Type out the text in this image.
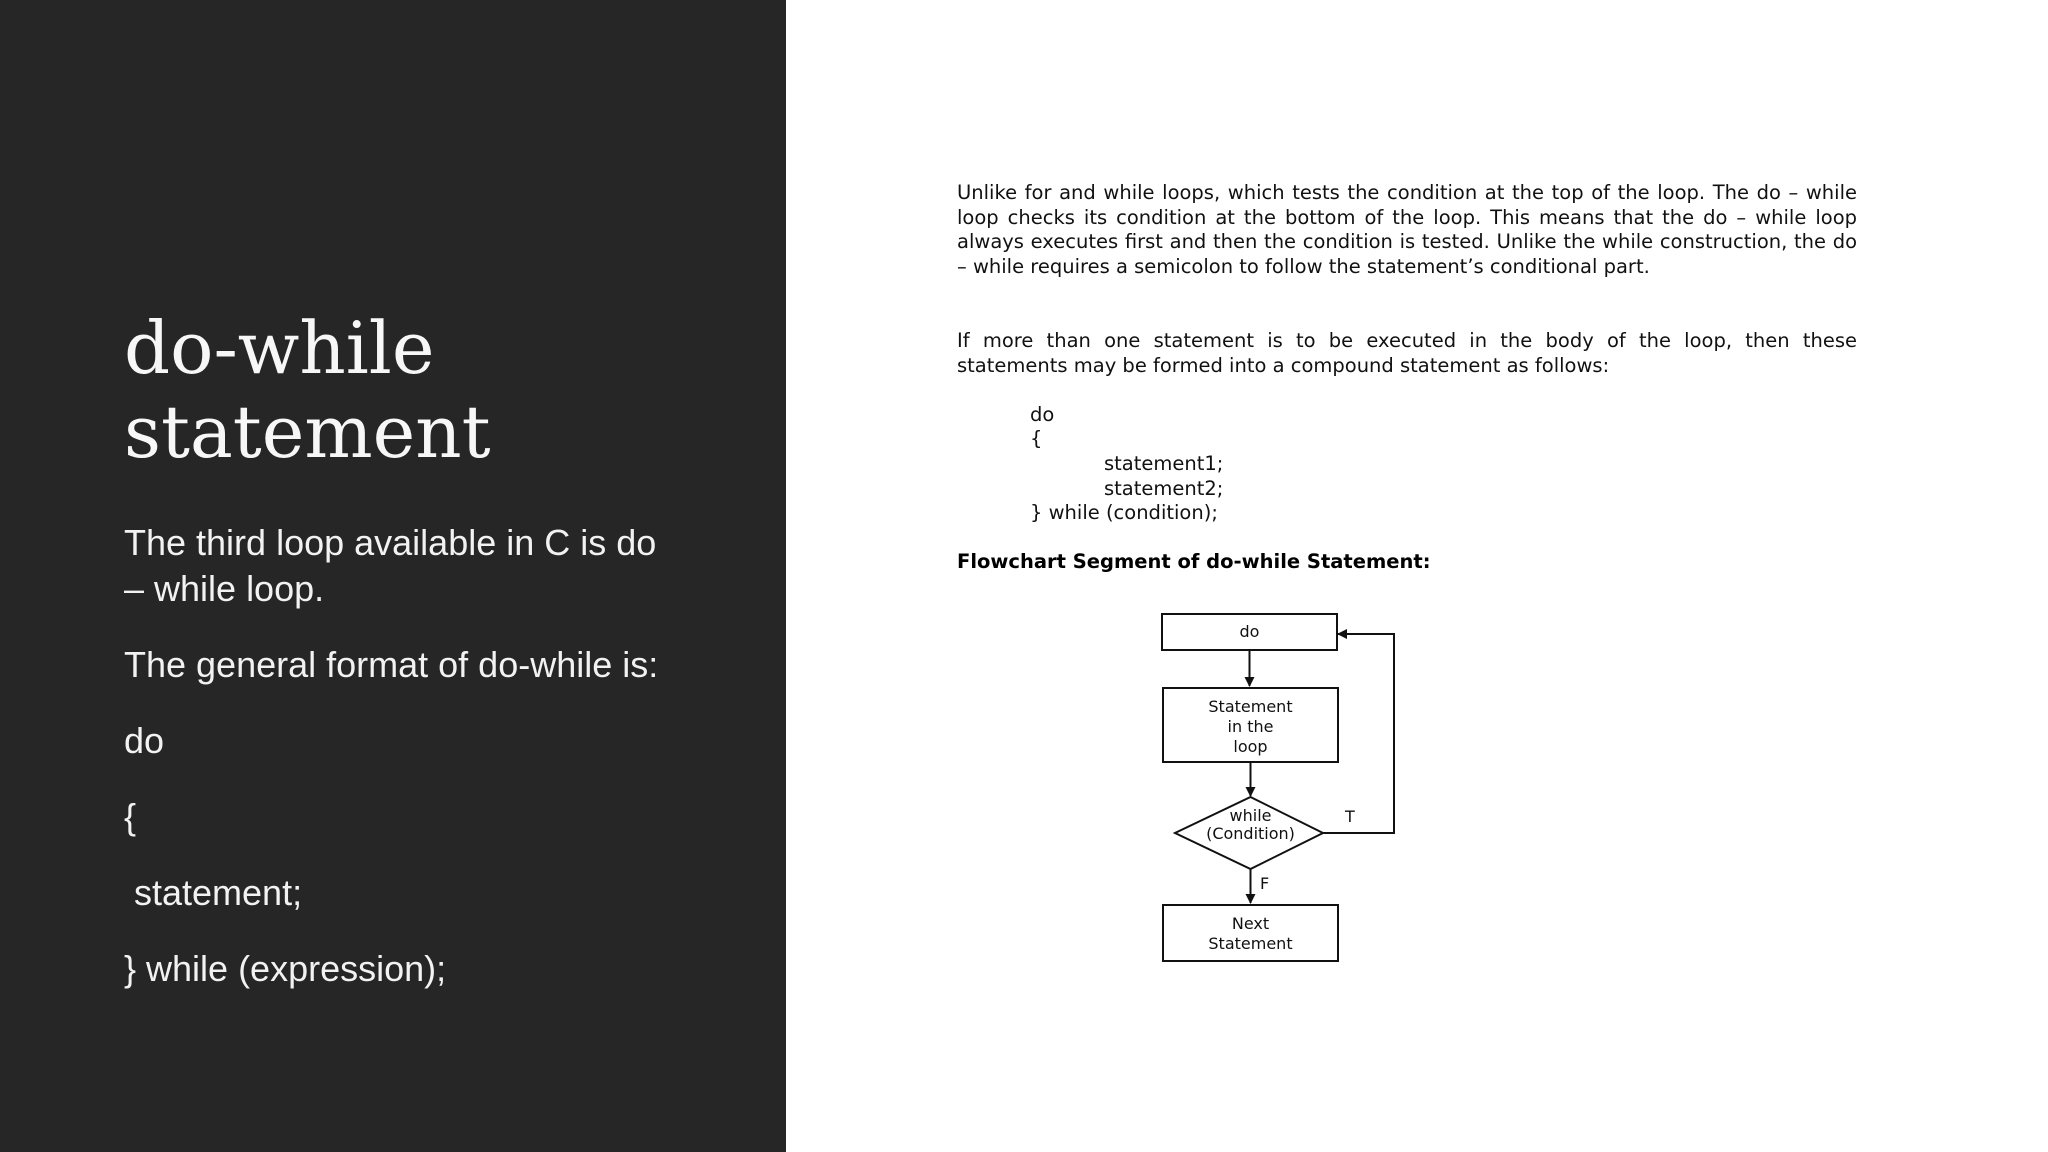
do-while
statement

The third loop available in C is do
– while loop.

The general format of do-while is:

do

{

statement;

} while (expression);

Unlike for and while loops, which tests the condition at the top of the loop. The do – while loop checks its condition at the bottom of the loop. This means that the do – while loop always executes first and then the condition is tested. Unlike the while construction, the do – while requires a semicolon to follow the statement’s conditional part.

If more than one statement is to be executed in the body of the loop, then these statements may be formed into a compound statement as follows:

do

{

statement1;

statement2;

} while (condition);

Flowchart Segment of do-while Statement:

do
Statement
in the
loop
while
(Condition)
T
F
Next
Statement
